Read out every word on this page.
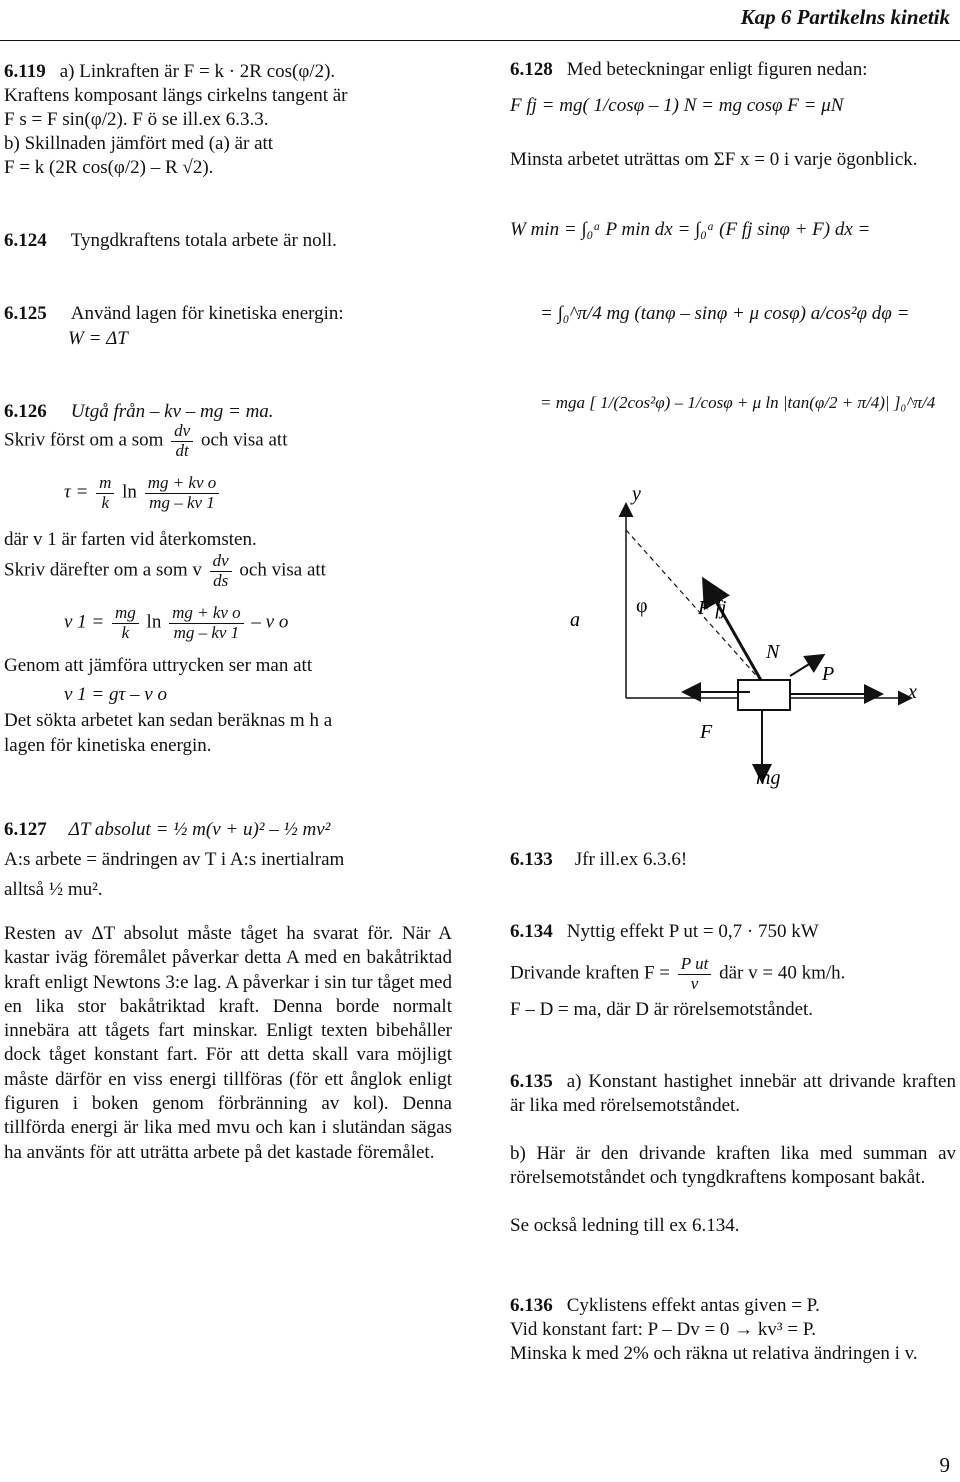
Kap 6 Partikelns kinetik
6.119 a) Linkraften är F = k · 2R cos(φ/2).
Kraftens komposant längs cirkelns tangent är
F s = F sin(φ/2). F ö se ill.ex 6.3.3.
b) Skillnaden jämfört med (a) är att
F = k (2R cos(φ/2) – R √2).
6.124 Tyngdkraftens totala arbete är noll.
6.125 Använd lagen för kinetiska energin:
W = ΔT
6.126 Utgå från – kv – mg = ma.
Skriv först om a som $\frac{dv}{dt}$ och visa att
$\tau = \frac{m}{k}$ $\ln \frac{\text{mg + kv o}}{mg - kv 1}$
där v 1 är farten vid återkomsten.
Skriv därefter om a som v $\frac{dv}{ds}$ och visa att
v $1 = \frac{mg}{k}$ $\ln \frac{\text{mg + kv o}}{mg - kv 1}$ – v o
Genom att jämföra uttrycken ser man att
v 1 = gτ – v o
Det sökta arbetet kan sedan beräknas m h a
lagen för kinetiska energin.
6.127 ΔT absolut = ½ m(v + u)² – ½ mv²
A:s arbete = ändringen av T i A:s inertialram
alltså ½ mu².
Resten av ΔT absolut måste tåget ha svarat för. När A kastar iväg föremålet påverkar detta A med en bakåtriktad kraft enligt Newtons 3:e lag. A påverkar i sin tur tåget med en lika stor bakåtriktad kraft. Denna borde normalt innebära att tågets fart minskar. Enligt texten bibehåller dock tåget konstant fart. För att detta skall vara möjligt måste därför en viss energi tillföras (för ett ånglok enligt figuren i boken genom förbränning av kol). Denna tillförda energi är lika med mvu och kan i slutändan sägas ha använts för att uträtta arbete på det kastade föremålet.
6.128 Med beteckningar enligt figuren nedan:
F fj = mg( 1/cosφ – 1) N = mg cosφ F = μN
Minsta arbetet uträttas om ΣF x = 0 i varje ögonblick.
W min = ∫₀ᵃ P min dx = ∫₀ᵃ (F fj sinφ + F) dx =
= ∫₀^π/4 mg (tanφ – sinφ + μ cosφ) a/cos²φ dφ =
= mga [ 1/(2cos²φ) – 1/cosφ + μ ln |tan(φ/2 + π/4)| ]₀^π/4
y
a
φ	F fj
N
P
x
F
mg
6.133 Jfr ill.ex 6.3.6!
6.134 Nyttig effekt P ut = 0,7 · 750 kW
Drivande kraften $F = \frac{\text{P ut}}{v}$ där v = 40 km/h.
F – D = ma, där D är rörelsemotståndet.
6.135 a) Konstant hastighet innebär att drivande kraften är lika med rörelsemotståndet.
b) Här är den drivande kraften lika med summan av rörelsemotståndet och tyngdkraftens komposant bakåt.
Se också ledning till ex 6.134.
6.136 Cyklistens effekt antas given = P.
Vid konstant fart: P – Dv = 0 → kv³ = P.
Minska k med 2% och räkna ut relativa ändringen i v.
9
